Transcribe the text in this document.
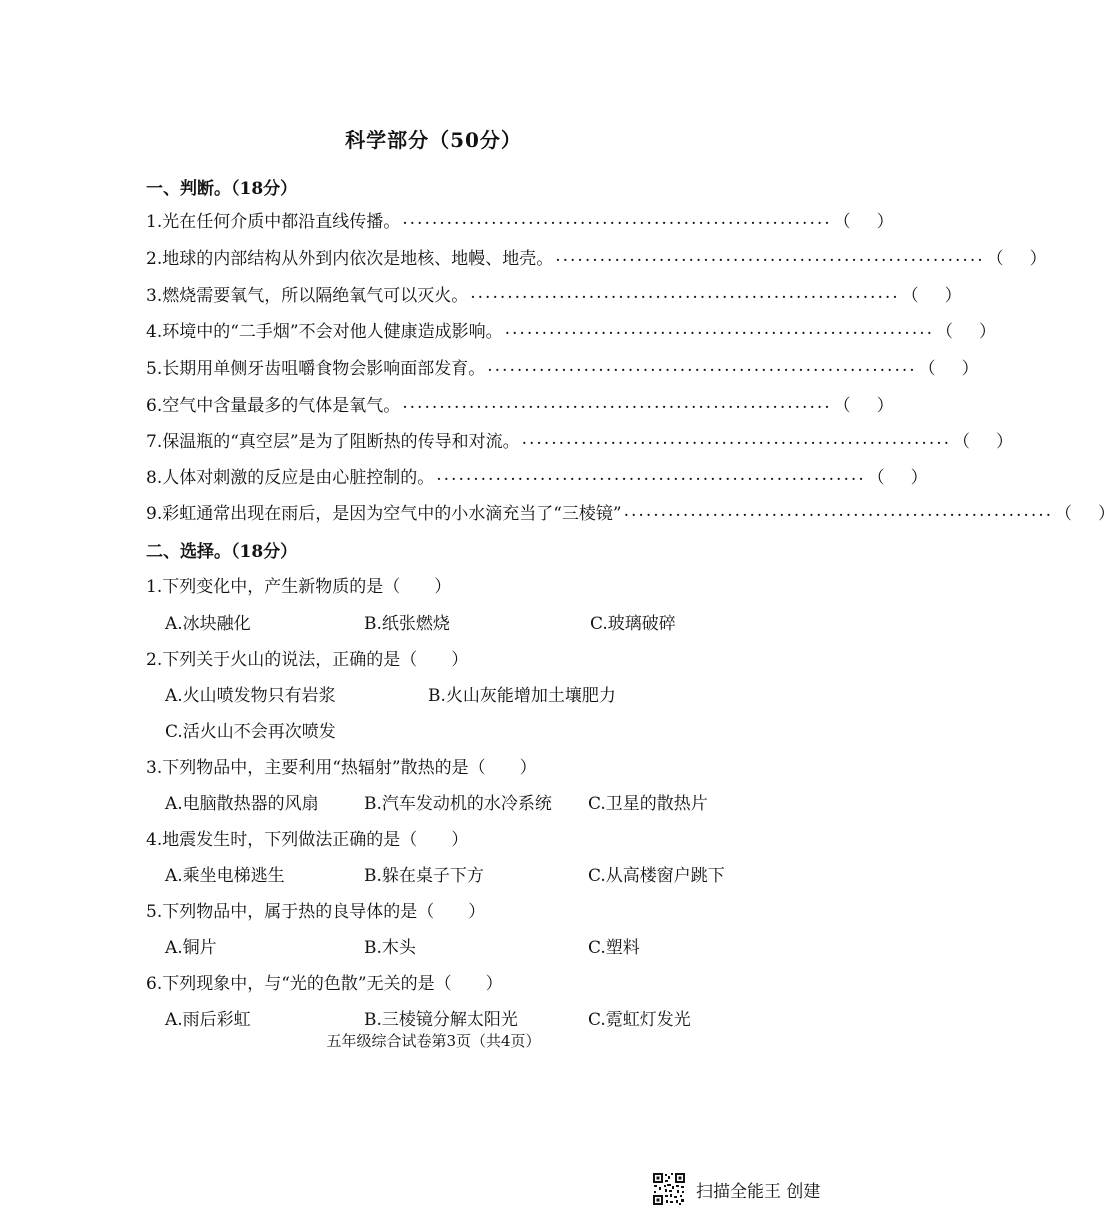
科学部分（50分）
一、判断。（18分）
1.光在任何介质中都沿直线传播。 .......................................................... （ ）
2.地球的内部结构从外到内依次是地核、地幔、地壳。 .......................................................... （ ）
3.燃烧需要氧气，所以隔绝氧气可以灭火。 .......................................................... （ ）
4.环境中的“二手烟”不会对他人健康造成影响。 .......................................................... （ ）
5.长期用单侧牙齿咀嚼食物会影响面部发育。 .......................................................... （ ）
6.空气中含量最多的气体是氧气。 .......................................................... （ ）
7.保温瓶的“真空层”是为了阻断热的传导和对流。 .......................................................... （ ）
8.人体对刺激的反应是由心脏控制的。 .......................................................... （ ）
9.彩虹通常出现在雨后，是因为空气中的小水滴充当了“三棱镜” .......................................................... （ ）
二、选择。（18分）
1.下列变化中，产生新物质的是（　　）
A.冰块融化	B.纸张燃烧	C.玻璃破碎
2.下列关于火山的说法，正确的是（　　）
A.火山喷发物只有岩浆	B.火山灰能增加土壤肥力
C.活火山不会再次喷发
3.下列物品中，主要利用“热辐射”散热的是（　　）
A.电脑散热器的风扇	B.汽车发动机的水冷系统 C.卫星的散热片
4.地震发生时，下列做法正确的是（　　）
A.乘坐电梯逃生	B.躲在桌子下方	C.从高楼窗户跳下
5.下列物品中，属于热的良导体的是（　　）
A.铜片	B.木头	C.塑料
6.下列现象中，与“光的色散”无关的是（　　）
A.雨后彩虹	B.三棱镜分解太阳光	C.霓虹灯发光
五年级综合试卷第3页（共4页）
扫描全能王 创建
